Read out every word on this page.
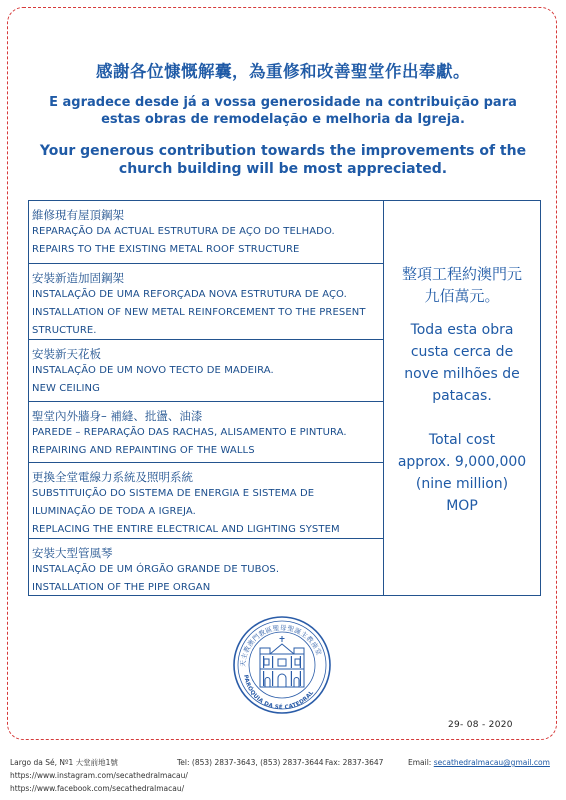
感謝各位慷慨解囊，為重修和改善聖堂作出奉獻。
E agradece desde já a vossa generosidade na contribuição para
estas obras de remodelação e melhoria da Igreja.
Your generous contribution towards the improvements of the
church building will be most appreciated.
維修現有屋頂鋼架
REPARAÇÃO DA ACTUAL ESTRUTURA DE AÇO DO TELHADO.
REPAIRS TO THE EXISTING METAL ROOF STRUCTURE
安裝新造加固鋼架
INSTALAÇÃO DE UMA REFORÇADA NOVA ESTRUTURA DE AÇO.
INSTALLATION OF NEW METAL REINFORCEMENT TO THE PRESENT STRUCTURE.
安裝新天花板
INSTALAÇÃO DE UM NOVO TECTO DE MADEIRA.
NEW CEILING
聖堂內外牆身– 補縫、批盪、油漆
PAREDE – REPARAÇÃO DAS RACHAS, ALISAMENTO E PINTURA.
REPAIRING AND REPAINTING OF THE WALLS
更換全堂電線力系統及照明系統
SUBSTITUIÇÃO DO SISTEMA DE ENERGIA E SISTEMA DE ILUMINAÇÃO DE TODA A IGREJA.
REPLACING THE ENTIRE ELECTRICAL AND LIGHTING SYSTEM
安裝大型管風琴
INSTALAÇÃO DE UM ÓRGÃO GRANDE DE TUBOS.
INSTALLATION OF THE PIPE ORGAN
整項工程約澳門元
九佰萬元。
Toda esta obra
custa cerca de
nove milhões de
patacas.
Total cost
approx. 9,000,000
(nine million)
MOP
天主教澳門教區聖母聖誕主教座堂
PARÓQUIA DA SÉ CATEDRAL
29- 08 - 2020
Largo da Sé, Nº1 大堂前地1號	Tel: (853) 2837-3643, (853) 2837-3644 Fax: 2837-3647	Email: secathedralmacau@gmail.com
https://www.instagram.com/secathedralmacau/
https://www.facebook.com/secathedralmacau/
